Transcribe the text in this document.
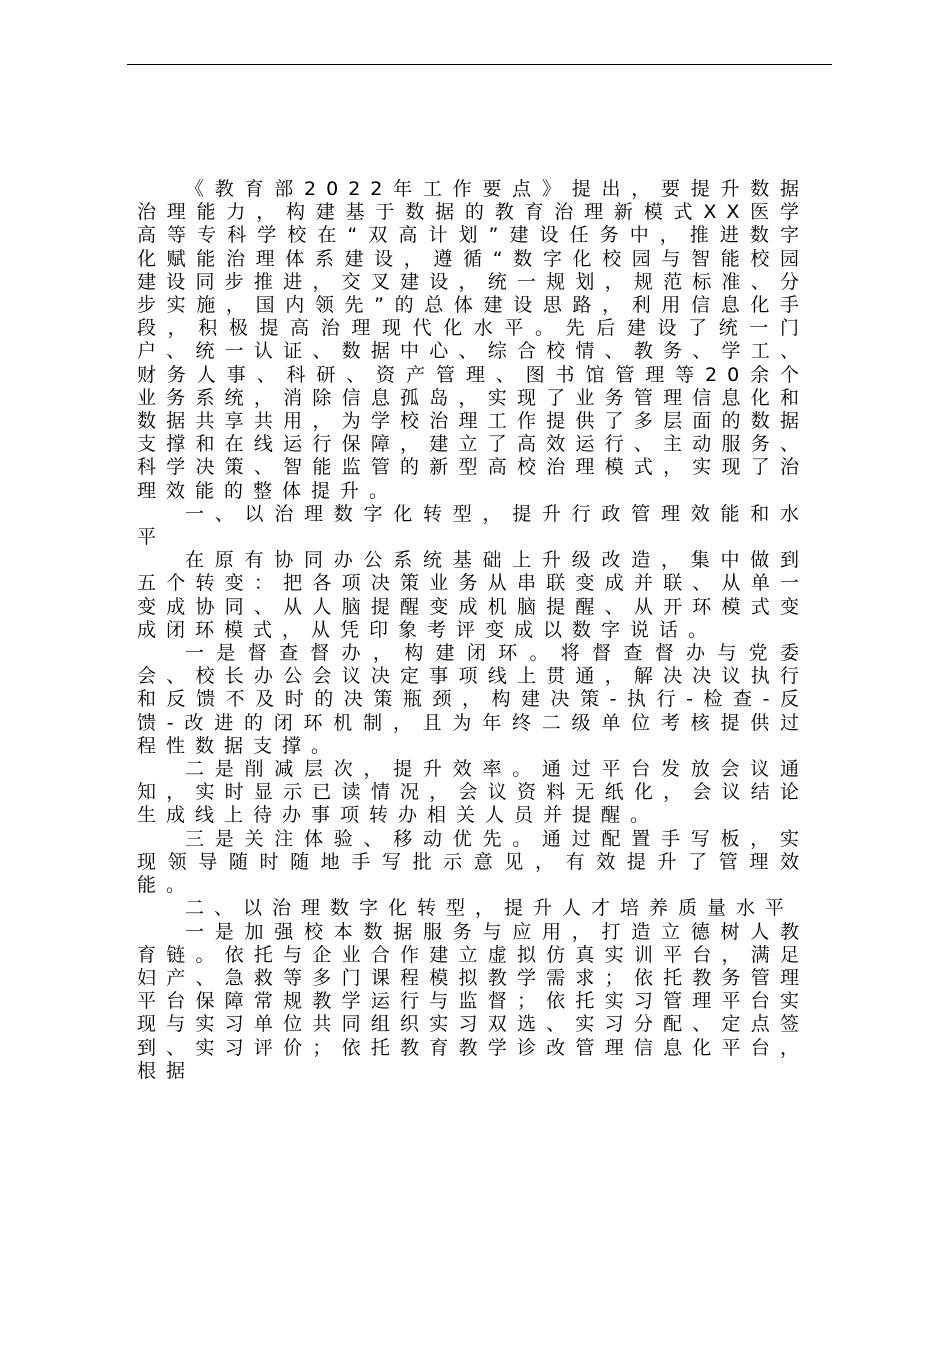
《教育部2022年工作要点》提出，要提升数据治理能力，构建基于数据的教育治理新模式XX医学高等专科学校在“双高计划”建设任务中，推进数字化赋能治理体系建设，遵循“数字化校园与智能校园建设同步推进，交叉建设，统一规划，规范标准、分步实施，国内领先”的总体建设思路，利用信息化手段，积极提高治理现代化水平。先后建设了统一门户、统一认证、数据中心、综合校情、教务、学工、财务人事、科研、资产管理、图书馆管理等20余个业务系统，消除信息孤岛，实现了业务管理信息化和数据共享共用，为学校治理工作提供了多层面的数据支撑和在线运行保障，建立了高效运行、主动服务、科学决策、智能监管的新型高校治理模式，实现了治理效能的整体提升。

一、以治理数字化转型，提升行政管理效能和水平

在原有协同办公系统基础上升级改造，集中做到五个转变：把各项决策业务从串联变成并联、从单一变成协同、从人脑提醒变成机脑提醒、从开环模式变成闭环模式，从凭印象考评变成以数字说话。

一是督查督办，构建闭环。将督查督办与党委会、校长办公会议决定事项线上贯通，解决决议执行和反馈不及时的决策瓶颈，构建决策-执行-检查-反馈-改进的闭环机制，且为年终二级单位考核提供过程性数据支撑。

二是削减层次，提升效率。通过平台发放会议通知，实时显示已读情况，会议资料无纸化，会议结论生成线上待办事项转办相关人员并提醒。

三是关注体验、移动优先。通过配置手写板，实现领导随时随地手写批示意见，有效提升了管理效能。

二、以治理数字化转型，提升人才培养质量水平

一是加强校本数据服务与应用，打造立德树人教育链。依托与企业合作建立虚拟仿真实训平台，满足妇产、急救等多门课程模拟教学需求；依托教务管理平台保障常规教学运行与监督；依托实习管理平台实现与实习单位共同组织实习双选、实习分配、定点签到、实习评价；依托教育教学诊改管理信息化平台，根据
